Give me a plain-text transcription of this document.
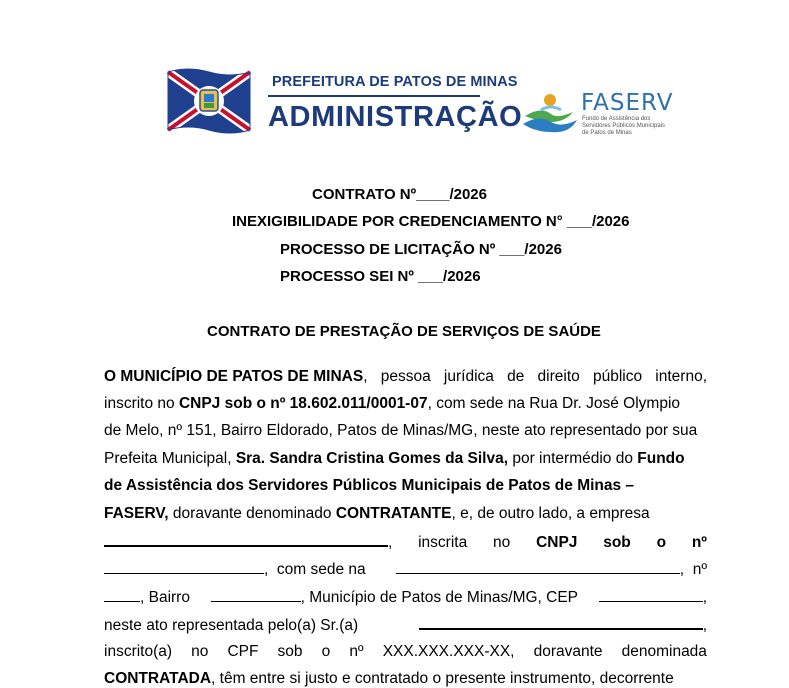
PREFEITURA DE PATOS DE MINAS
ADMINISTRAÇÃO	FASERV
Fundo de Assistência dos
Servidores Públicos Municipais
de Patos de Minas
CONTRATO Nº____/2026
INEXIGIBILIDADE POR CREDENCIAMENTO N° ___/2026
PROCESSO DE LICITAÇÃO Nº ___/2026
PROCESSO SEI Nº ___/2026
CONTRATO DE PRESTAÇÃO DE SERVIÇOS DE SAÚDE
O MUNICÍPIO DE PATOS DE MINAS, pessoa jurídica de direito público interno,
inscrito no CNPJ sob o nº 18.602.011/0001-07 , com sede na Rua Dr. José Olympio
de Melo, nº 151, Bairro Eldorado, Patos de Minas/MG, neste ato representado por sua
Prefeita Municipal, Sra. Sandra Cristina Gomes da Silva, por intermédio do Fundo
de Assistência dos Servidores Públicos Municipais de Patos de Minas –
FASERV, doravante denominado CONTRATANTE , e, de outro lado, a empresa
, inscrita no CNPJ sob o nº
,  com sede na	,  nº
, Bairro	, Município de Patos de Minas/MG, CEP	,
neste ato representada pelo(a) Sr.(a)	,
inscrito(a) no CPF sob o nº XXX.XXX.XXX-XX, doravante denominada
CONTRATADA , têm entre si justo e contratado o presente instrumento, decorrente
